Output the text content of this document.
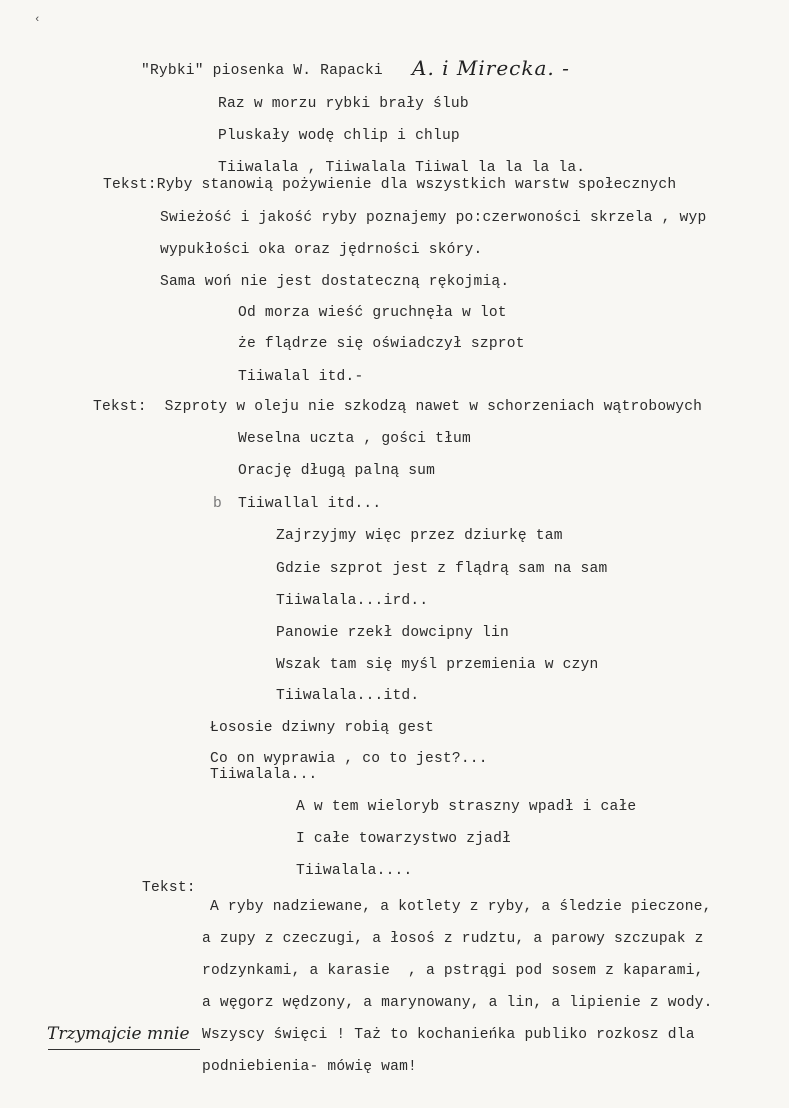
‹
"Rybki" piosenka W. Rapacki A. i Mirecka. -
Raz w morzu rybki brały ślub
Pluskały wodę chlip i chlup
Tiiwalala , Tiiwalala Tiiwal la la la la.
Tekst:Ryby stanowią pożywienie dla wszystkich warstw społecznych
Swieżość i jakość ryby poznajemy po:czerwoności skrzela , wyp
wypukłości oka oraz jędrności skóry.
Sama woń nie jest dostateczną rękojmią.
Od morza wieść gruchnęła w lot
że flądrze się oświadczył szprot
Tiiwalal itd.-
Tekst:  Szproty w oleju nie szkodzą nawet w schorzeniach wątrobowych
Weselna uczta , gości tłum
Orację długą palną sum
b Tiiwallal itd...
Zajrzyjmy więc przez dziurkę tam
Gdzie szprot jest z flądrą sam na sam
Tiiwalala...ird..
Panowie rzekł dowcipny lin
Wszak tam się myśl przemienia w czyn
Tiiwalala...itd.
Łososie dziwny robią gest
Co on wyprawia , co to jest?...
Tiiwalala...
A w tem wieloryb straszny wpadł i całe
I całe towarzystwo zjadł
Tiiwalala....
Tekst:
A ryby nadziewane, a kotlety z ryby, a śledzie pieczone,
a zupy z czeczugi, a łosoś z rudztu, a parowy szczupak z
rodzynkami, a karasie  , a pstrągi pod sosem z kaparami,
a węgorz wędzony, a marynowany, a lin, a lipienie z wody.
Wszyscy święci ! Taż to kochanieńka publiko rozkosz dla
podniebienia- mówię wam!
Trzymajcie mnie
